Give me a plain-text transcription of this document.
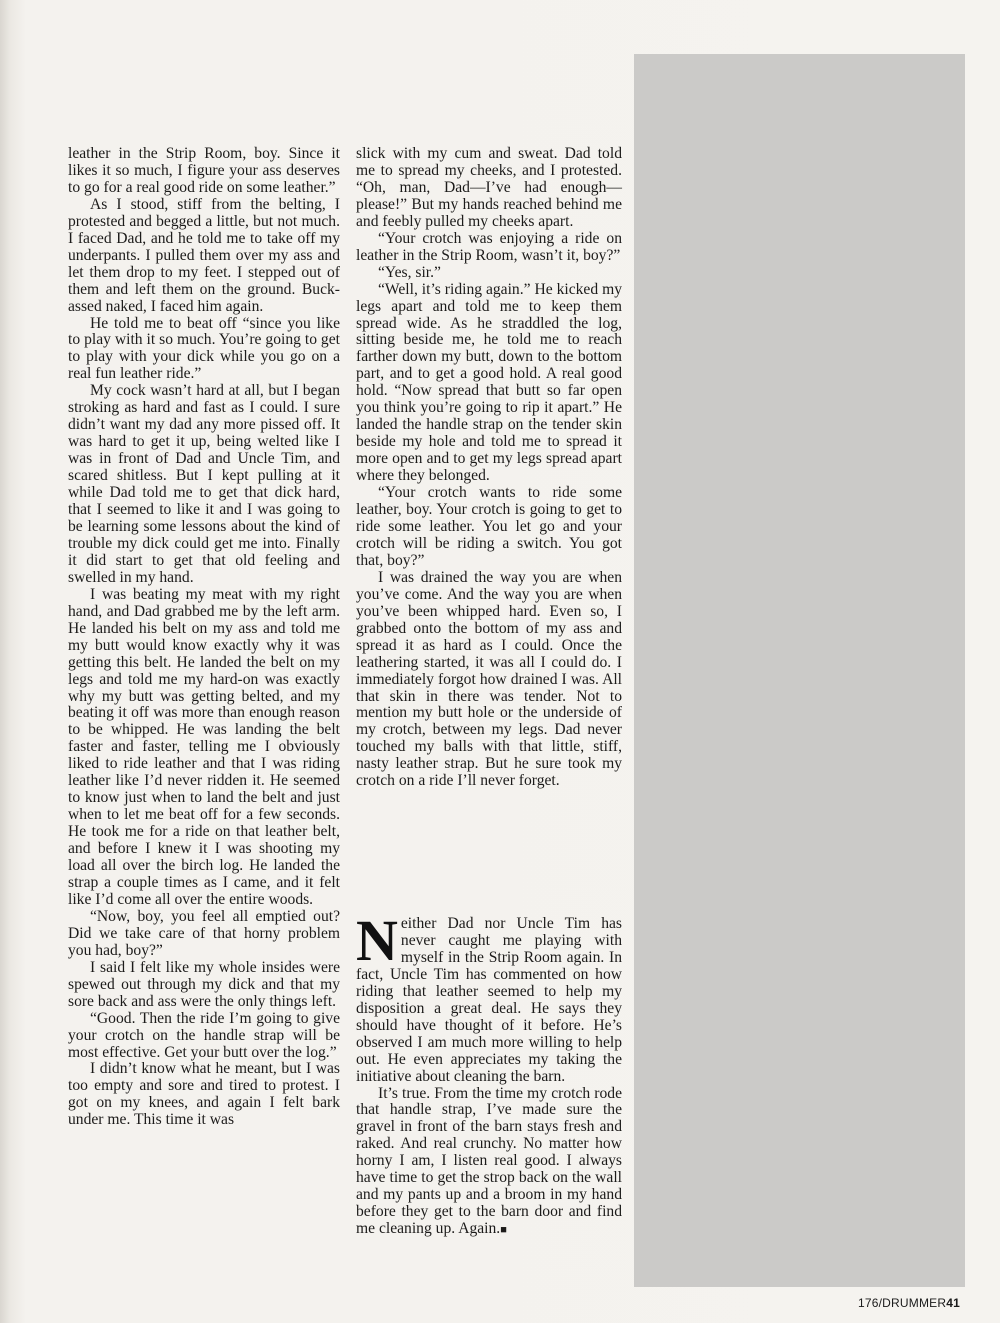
leather in the Strip Room, boy. Since it likes it so much, I figure your ass deserves to go for a real good ride on some leather.”

As I stood, stiff from the belting, I protested and begged a little, but not much. I faced Dad, and he told me to take off my underpants. I pulled them over my ass and let them drop to my feet. I stepped out of them and left them on the ground. Buck-assed naked, I faced him again.

He told me to beat off “since you like to play with it so much. You’re going to get to play with your dick while you go on a real fun leather ride.”

My cock wasn’t hard at all, but I began stroking as hard and fast as I could. I sure didn’t want my dad any more pissed off. It was hard to get it up, being welted like I was in front of Dad and Uncle Tim, and scared shitless. But I kept pulling at it while Dad told me to get that dick hard, that I seemed to like it and I was going to be learning some lessons about the kind of trouble my dick could get me into. Finally it did start to get that old feeling and swelled in my hand.

I was beating my meat with my right hand, and Dad grabbed me by the left arm. He landed his belt on my ass and told me my butt would know exactly why it was getting this belt. He landed the belt on my legs and told me my hard-on was exactly why my butt was getting belted, and my beating it off was more than enough reason to be whipped. He was landing the belt faster and faster, telling me I obviously liked to ride leather and that I was riding leather like I’d never ridden it. He seemed to know just when to land the belt and just when to let me beat off for a few seconds. He took me for a ride on that leather belt, and before I knew it I was shooting my load all over the birch log. He landed the strap a couple times as I came, and it felt like I’d come all over the entire woods.

“Now, boy, you feel all emptied out? Did we take care of that horny problem you had, boy?”

I said I felt like my whole insides were spewed out through my dick and that my sore back and ass were the only things left.

“Good. Then the ride I’m going to give your crotch on the handle strap will be most effective. Get your butt over the log.”

I didn’t know what he meant, but I was too empty and sore and tired to protest. I got on my knees, and again I felt bark under me. This time it was

slick with my cum and sweat. Dad told me to spread my cheeks, and I protested. “Oh, man, Dad—I’ve had enough—please!” But my hands reached behind me and feebly pulled my cheeks apart.

“Your crotch was enjoying a ride on leather in the Strip Room, wasn’t it, boy?”

“Yes, sir.”

“Well, it’s riding again.” He kicked my legs apart and told me to keep them spread wide. As he straddled the log, sitting beside me, he told me to reach farther down my butt, down to the bottom part, and to get a good hold. A real good hold. “Now spread that butt so far open you think you’re going to rip it apart.” He landed the handle strap on the tender skin beside my hole and told me to spread it more open and to get my legs spread apart where they belonged.

“Your crotch wants to ride some leather, boy. Your crotch is going to get to ride some leather. You let go and your crotch will be riding a switch. You got that, boy?”

I was drained the way you are when you’ve come. And the way you are when you’ve been whipped hard. Even so, I grabbed onto the bottom of my ass and spread it as hard as I could. Once the leathering started, it was all I could do. I immediately forgot how drained I was. All that skin in there was tender. Not to mention my butt hole or the underside of my crotch, between my legs. Dad never touched my balls with that little, stiff, nasty leather strap. But he sure took my crotch on a ride I’ll never forget.

Neither Dad nor Uncle Tim has never caught me playing with myself in the Strip Room again. In fact, Uncle Tim has commented on how riding that leather seemed to help my disposition a great deal. He says they should have thought of it before. He’s observed I am much more willing to help out. He even appreciates my taking the initiative about cleaning the barn.

It’s true. From the time my crotch rode that handle strap, I’ve made sure the gravel in front of the barn stays fresh and raked. And real crunchy. No matter how horny I am, I listen real good. I always have time to get the strop back on the wall and my pants up and a broom in my hand before they get to the barn door and find me cleaning up. Again.■

176/DRUMMER41
